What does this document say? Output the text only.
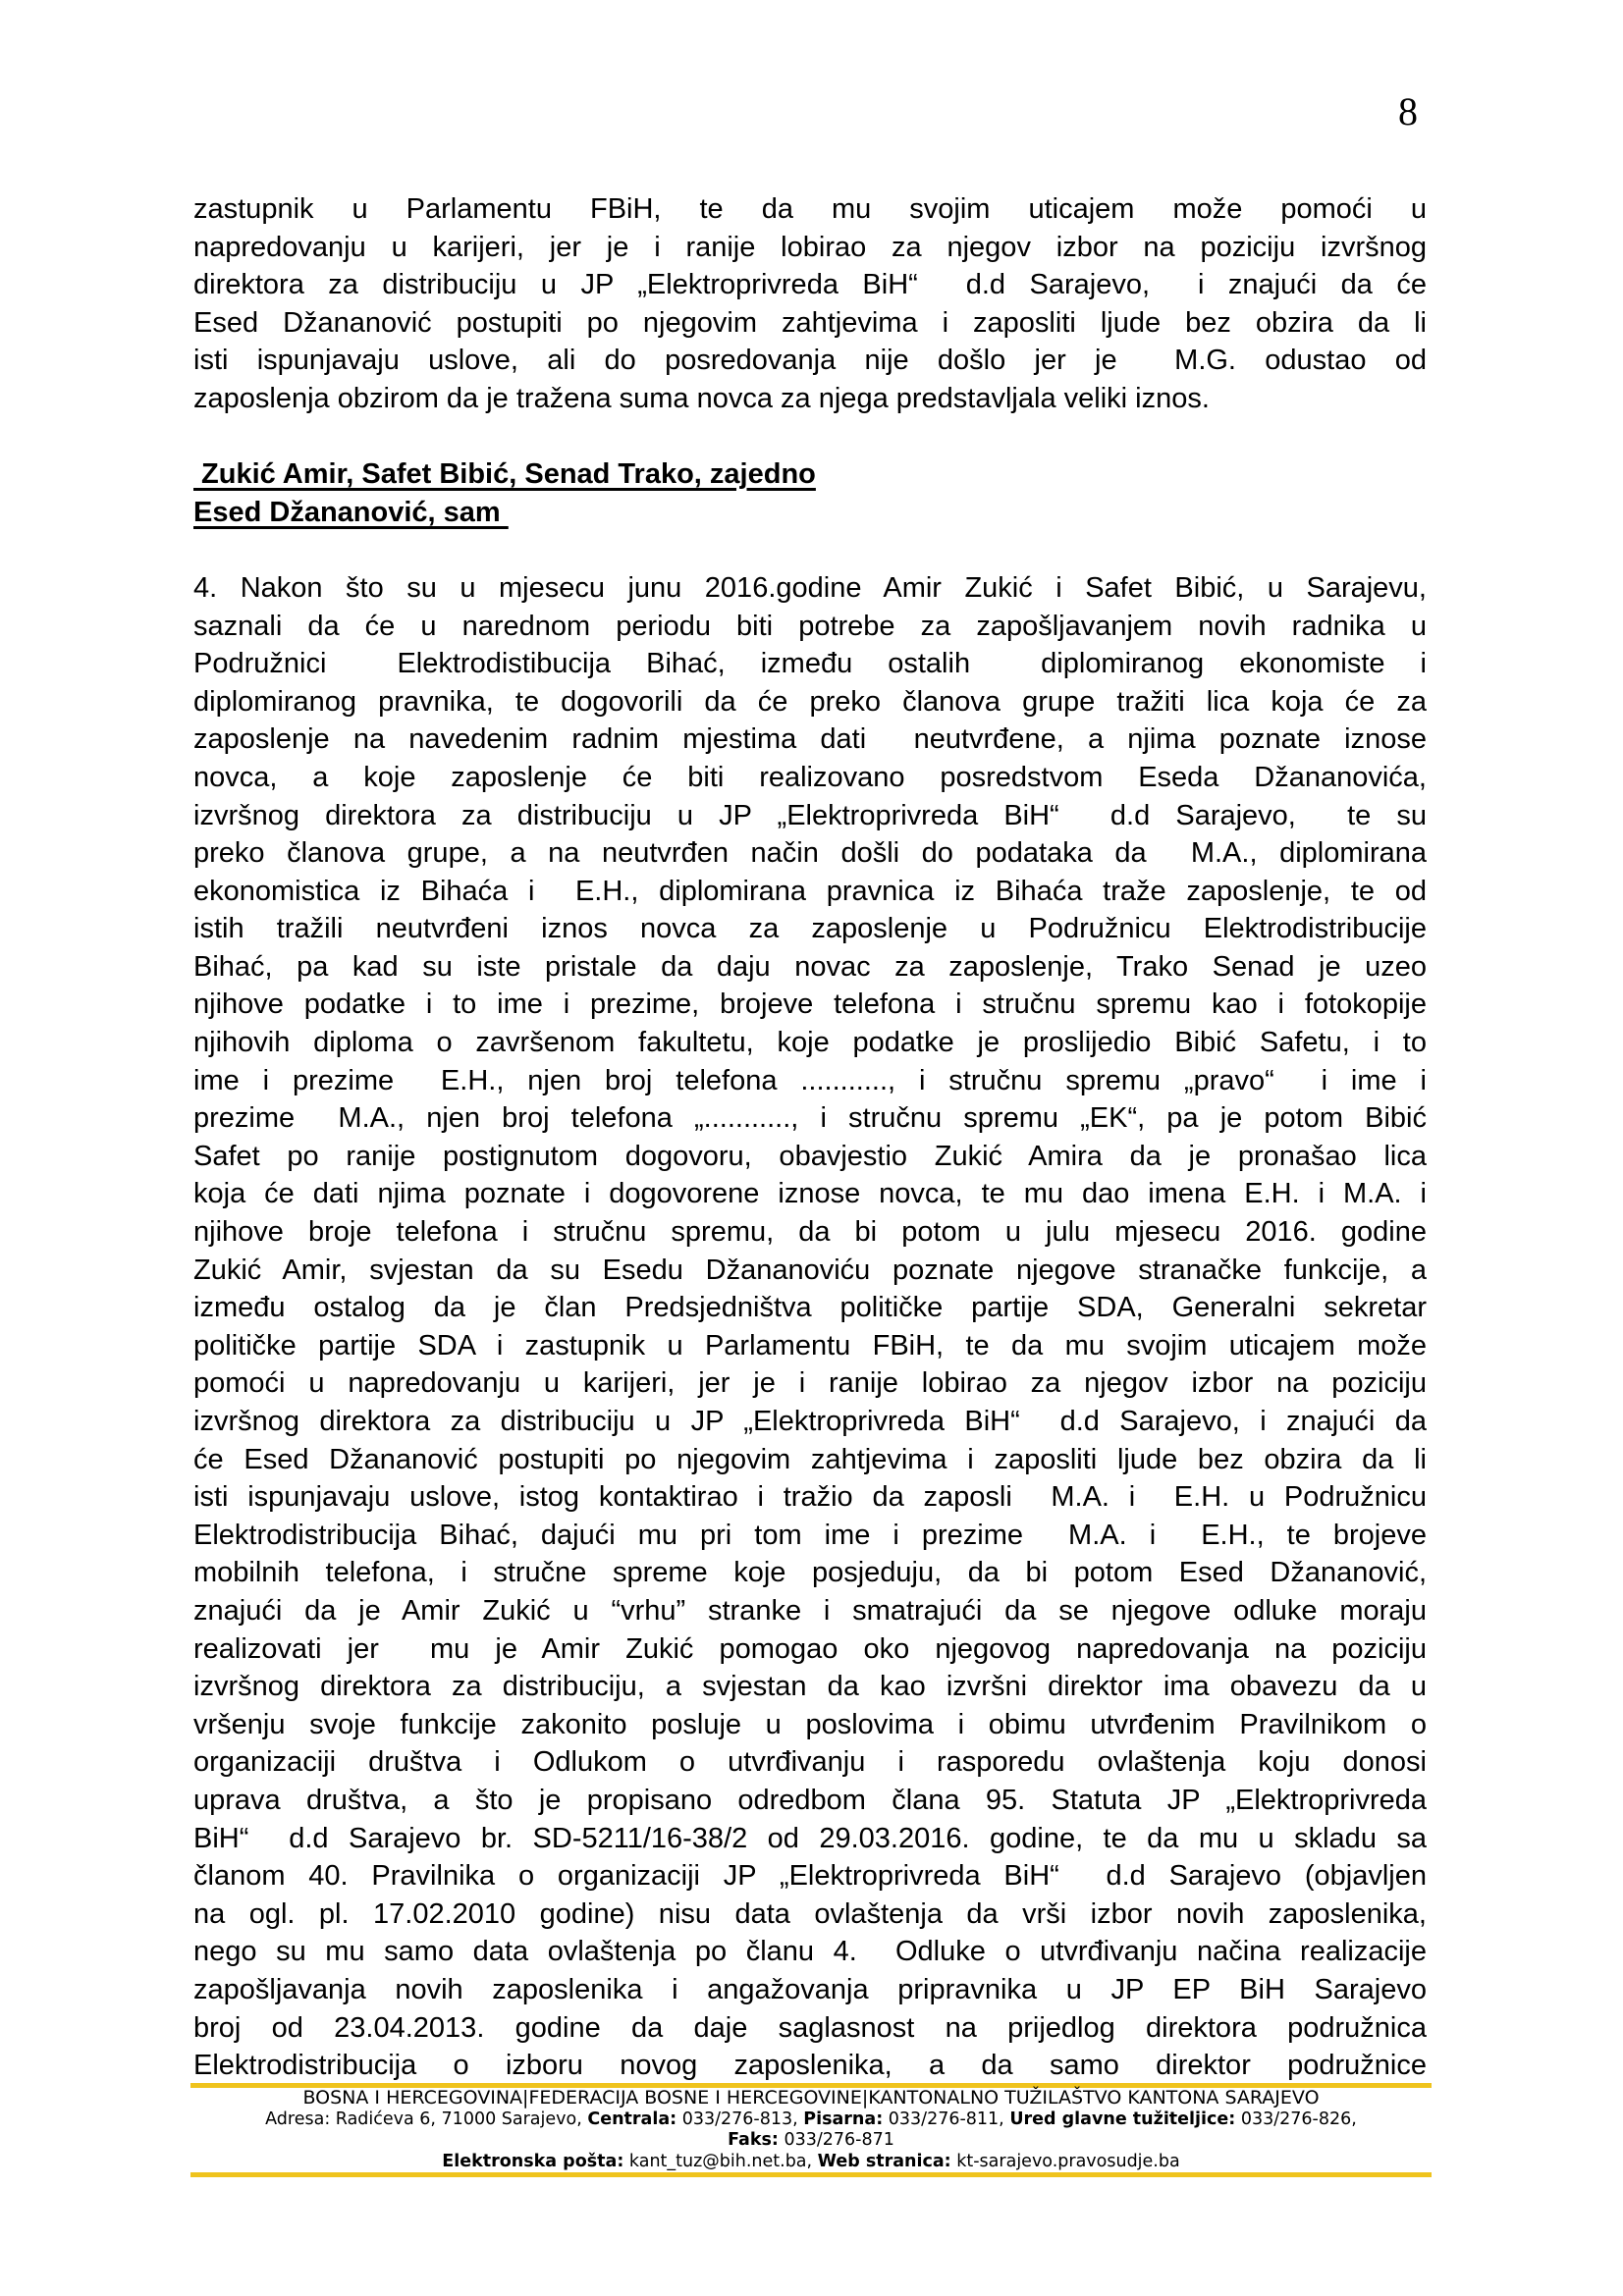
8
zastupnik u Parlamentu FBiH, te da mu svojim uticajem može pomoći u
napredovanju u karijeri, jer je i ranije lobirao za njegov izbor na poziciju izvršnog
direktora za distribuciju u JP „Elektroprivreda BiH“  d.d Sarajevo,  i znajući da će
Esed Džananović postupiti po njegovim zahtjevima i zaposliti ljude bez obzira da li
isti ispunjavaju uslove, ali do posredovanja nije došlo jer je  M.G. odustao od
zaposlenja obzirom da je tražena suma novca za njega predstavljala veliki iznos.
Zukić Amir, Safet Bibić, Senad Trako, zajedno
Esed Džananović, sam
4. Nakon što su u mjesecu junu 2016.godine Amir Zukić i Safet Bibić, u Sarajevu,
saznali da će u narednom periodu biti potrebe za zapošljavanjem novih radnika u
Podružnici  Elektrodistibucija Bihać, između ostalih  diplomiranog ekonomiste i
diplomiranog pravnika, te dogovorili da će preko članova grupe tražiti lica koja će za
zaposlenje na navedenim radnim mjestima dati  neutvrđene, a njima poznate iznose
novca, a koje zaposlenje će biti realizovano posredstvom Eseda Džananovića,
izvršnog direktora za distribuciju u JP „Elektroprivreda BiH“  d.d Sarajevo,  te su
preko članova grupe, a na neutvrđen način došli do podataka da  M.A., diplomirana
ekonomistica iz Bihaća i  E.H., diplomirana pravnica iz Bihaća traže zaposlenje, te od
istih tražili neutvrđeni iznos novca za zaposlenje u Podružnicu Elektrodistribucije
Bihać, pa kad su iste pristale da daju novac za zaposlenje, Trako Senad je uzeo
njihove podatke i to ime i prezime, brojeve telefona i stručnu spremu kao i fotokopije
njihovih diploma o završenom fakultetu, koje podatke je proslijedio Bibić Safetu, i to
ime i prezime  E.H., njen broj telefona ..........., i stručnu spremu „pravo“  i ime i
prezime  M.A., njen broj telefona „..........., i stručnu spremu „EK“, pa je potom Bibić
Safet po ranije postignutom dogovoru, obavjestio Zukić Amira da je pronašao lica
koja će dati njima poznate i dogovorene iznose novca, te mu dao imena E.H. i M.A. i
njihove broje telefona i stručnu spremu, da bi potom u julu mjesecu 2016. godine
Zukić Amir, svjestan da su Esedu Džananoviću poznate njegove stranačke funkcije, a
između ostalog da je član Predsjedništva političke partije SDA, Generalni sekretar
političke partije SDA i zastupnik u Parlamentu FBiH, te da mu svojim uticajem može
pomoći u napredovanju u karijeri, jer je i ranije lobirao za njegov izbor na poziciju
izvršnog direktora za distribuciju u JP „Elektroprivreda BiH“  d.d Sarajevo, i znajući da
će Esed Džananović postupiti po njegovim zahtjevima i zaposliti ljude bez obzira da li
isti ispunjavaju uslove, istog kontaktirao i tražio da zaposli  M.A. i  E.H. u Podružnicu
Elektrodistribucija Bihać, dajući mu pri tom ime i prezime  M.A. i  E.H., te brojeve
mobilnih telefona, i stručne spreme koje posjeduju, da bi potom Esed Džananović,
znajući da je Amir Zukić u “vrhu” stranke i smatrajući da se njegove odluke moraju
realizovati jer  mu je Amir Zukić pomogao oko njegovog napredovanja na poziciju
izvršnog direktora za distribuciju, a svjestan da kao izvršni direktor ima obavezu da u
vršenju svoje funkcije zakonito posluje u poslovima i obimu utvrđenim Pravilnikom o
organizaciji društva i Odlukom o utvrđivanju i rasporedu ovlaštenja koju donosi
uprava društva, a što je propisano odredbom člana 95. Statuta JP „Elektroprivreda
BiH“  d.d Sarajevo br. SD-5211/16-38/2 od 29.03.2016. godine, te da mu u skladu sa
članom 40. Pravilnika o organizaciji JP „Elektroprivreda BiH“  d.d Sarajevo (objavljen
na ogl. pl. 17.02.2010 godine) nisu data ovlaštenja da vrši izbor novih zaposlenika,
nego su mu samo data ovlaštenja po članu 4.  Odluke o utvrđivanju načina realizacije
zapošljavanja novih zaposlenika i angažovanja pripravnika u JP EP BiH Sarajevo
broj od 23.04.2013. godine da daje saglasnost na prijedlog direktora podružnica
Elektrodistribucija o izboru novog zaposlenika, a da samo direktor podružnice
BOSNA I HERCEGOVINA|FEDERACIJA BOSNE I HERCEGOVINE|KANTONALNO TUŽILAŠTVO KANTONA SARAJEVO
Adresa: Radićeva 6, 71000 Sarajevo, Centrala: 033/276-813, Pisarna: 033/276-811, Ured glavne tužiteljice: 033/276-826,
Faks: 033/276-871
Elektronska pošta: kant_tuz@bih.net.ba, Web stranica: kt-sarajevo.pravosudje.ba
